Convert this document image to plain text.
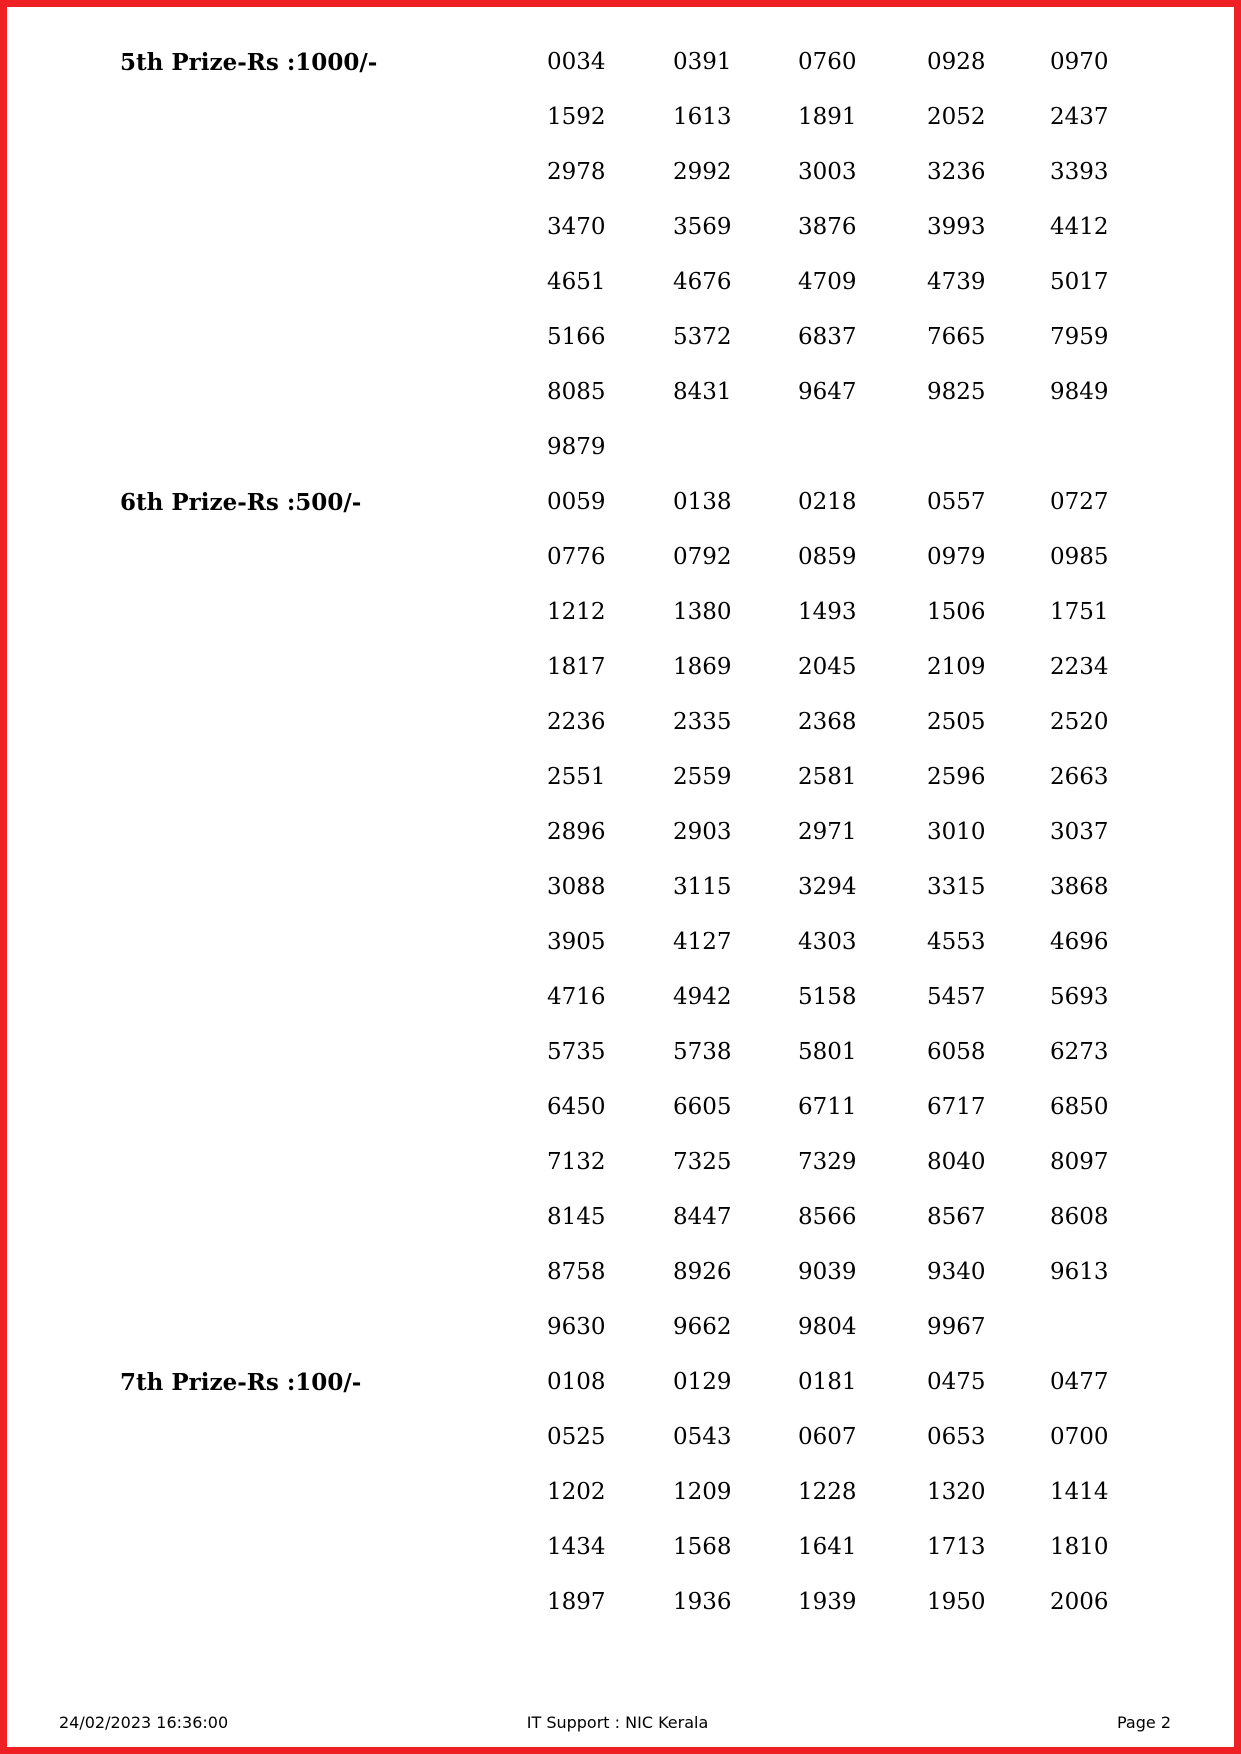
5th Prize-Rs :1000/-	0034	0391	0760	0928	0970
1592	1613	1891	2052	2437
2978	2992	3003	3236	3393
3470	3569	3876	3993	4412
4651	4676	4709	4739	5017
5166	5372	6837	7665	7959
8085	8431	9647	9825	9849
9879
6th Prize-Rs :500/-	0059	0138	0218	0557	0727
0776	0792	0859	0979	0985
1212	1380	1493	1506	1751
1817	1869	2045	2109	2234
2236	2335	2368	2505	2520
2551	2559	2581	2596	2663
2896	2903	2971	3010	3037
3088	3115	3294	3315	3868
3905	4127	4303	4553	4696
4716	4942	5158	5457	5693
5735	5738	5801	6058	6273
6450	6605	6711	6717	6850
7132	7325	7329	8040	8097
8145	8447	8566	8567	8608
8758	8926	9039	9340	9613
9630	9662	9804	9967
7th Prize-Rs :100/-	0108	0129	0181	0475	0477
0525	0543	0607	0653	0700
1202	1209	1228	1320	1414
1434	1568	1641	1713	1810
1897	1936	1939	1950	2006
24/02/2023 16:36:00	IT Support : NIC Kerala	Page 2
